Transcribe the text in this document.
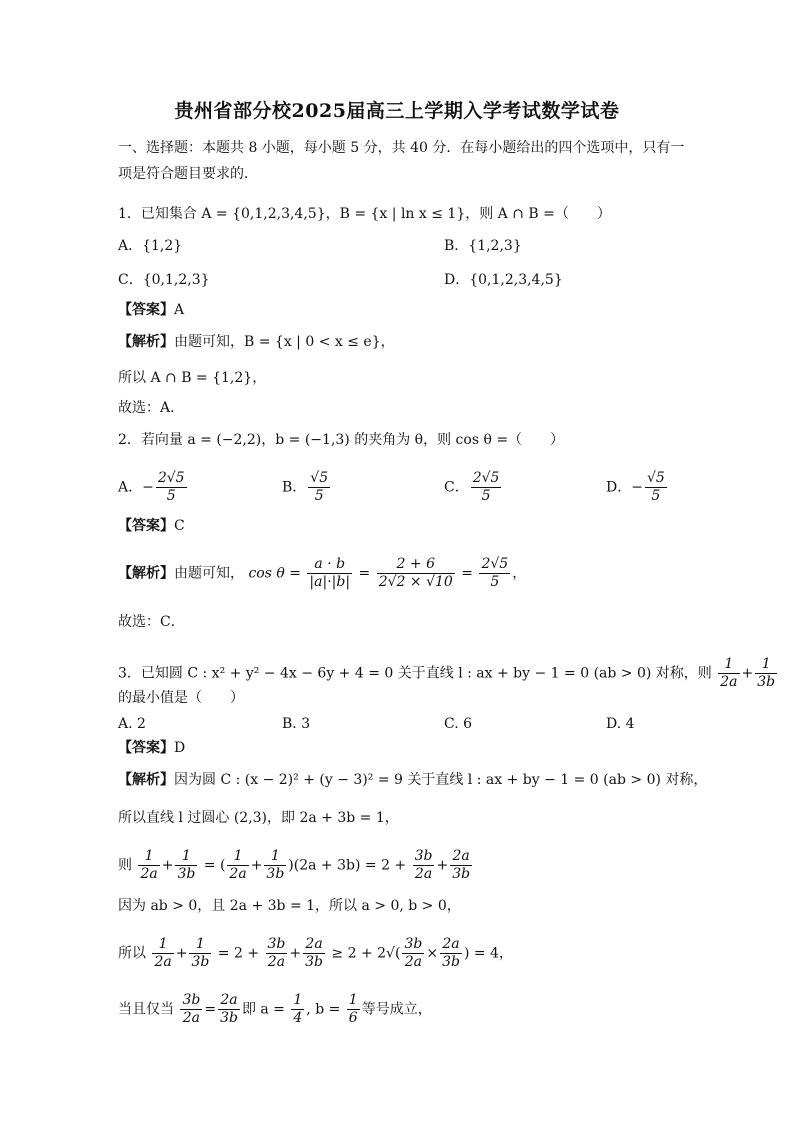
贵州省部分校2025届高三上学期入学考试数学试卷
一、选择题：本题共 8 小题，每小题 5 分，共 40 分．在每小题给出的四个选项中，只有一
项是符合题目要求的．
1．已知集合 A = {0,1,2,3,4,5}，B = {x | ln x ≤ 1}，则 A ∩ B =（　　）
A．{1,2}	B．{1,2,3}
C．{0,1,2,3}	D．{0,1,2,3,4,5}
【答案】A
【解析】由题可知，B = {x | 0 < x ≤ e}，
所以 A ∩ B = {1,2}，
故选：A．
2．若向量 a = (−2,2)，b = (−1,3) 的夹角为 θ，则 cos θ =（　　）
A．− $\frac{2√5}{5}$	B． $\frac{√5}{5}$	C． $\frac{2√5}{5}$	D．− $\frac{√5}{5}$
【答案】C
【解析】由题可知， $\cos \theta = \frac{a \cdot b}{|a|\cdot|b|} = \frac{2 + 6}{2√2 \times √10} = \frac{2√5}{5}$ ，
故选：C．
3．已知圆 C : x² + y² − 4x − 6y + 4 = 0 关于直线 l : ax + by − 1 = 0 (ab > 0) 对称，则 $\frac{1}{2a} + \frac{1}{3b}$
的最小值是（　　）
A. 2	B. 3	C. 6	D. 4
【答案】D
【解析】因为圆 C : (x − 2)² + (y − 3)² = 9 关于直线 l : ax + by − 1 = 0 (ab > 0) 对称，
所以直线 l 过圆心 (2,3)，即 2a + 3b = 1，
则 $\frac{1}{2a} + \frac{1}{3b}$ = ( $\frac{1}{2a} + \frac{1}{3b} )(2a + 3b) = 2 + \frac{3b}{2a} + \frac{2a}{3b}$
因为 ab > 0，且 2a + 3b = 1，所以 a > 0, b > 0，
所以 $\frac{1}{2a} + \frac{1}{3b} = 2 + \frac{3b}{2a} + \frac{2a}{3b} \ge 2 + 2√( \frac{3b}{2a} \times \frac{2a}{3b}$ ) = 4，
当且仅当 $\frac{3b}{2a} = \frac{2a}{3b}$ 即 $a = \frac{1}{4}$ , $b = \frac{1}{6}$ 等号成立，
